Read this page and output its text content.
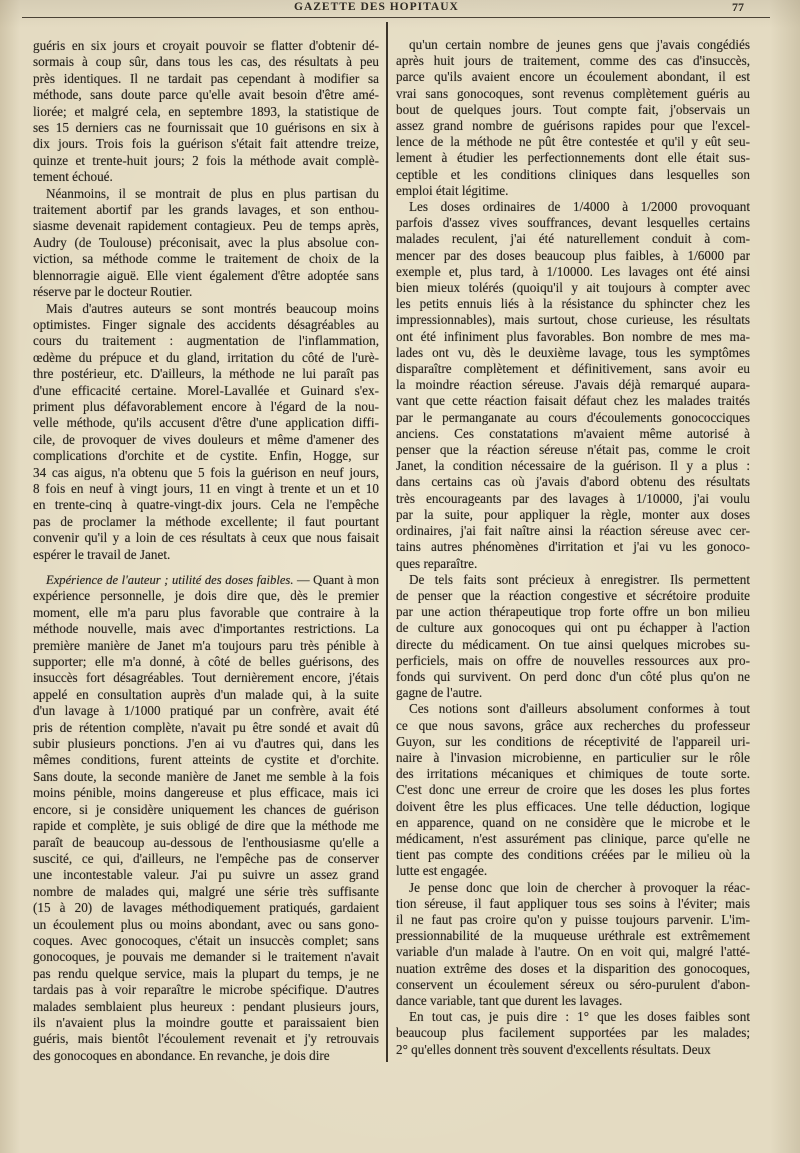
GAZETTE DES HOPITAUX	77
guéris en six jours et croyait pouvoir se flatter d'obtenir dé-
sormais à coup sûr, dans tous les cas, des résultats à peu
près identiques. Il ne tardait pas cependant à modifier sa
méthode, sans doute parce qu'elle avait besoin d'être amé-
liorée; et malgré cela, en septembre 1893, la statistique de
ses 15 derniers cas ne fournissait que 10 guérisons en six à
dix jours. Trois fois la guérison s'était fait attendre treize,
quinze et trente-huit jours; 2 fois la méthode avait complè-
tement échoué.
Néanmoins, il se montrait de plus en plus partisan du
traitement abortif par les grands lavages, et son enthou-
siasme devenait rapidement contagieux. Peu de temps après,
Audry (de Toulouse) préconisait, avec la plus absolue con-
viction, sa méthode comme le traitement de choix de la
blennorragie aiguë. Elle vient également d'être adoptée sans
réserve par le docteur Routier.
Mais d'autres auteurs se sont montrés beaucoup moins
optimistes. Finger signale des accidents désagréables au
cours du traitement : augmentation de l'inflammation,
œdème du prépuce et du gland, irritation du côté de l'urè-
thre postérieur, etc. D'ailleurs, la méthode ne lui paraît pas
d'une efficacité certaine. Morel-Lavallée et Guinard s'ex-
priment plus défavorablement encore à l'égard de la nou-
velle méthode, qu'ils accusent d'être d'une application diffi-
cile, de provoquer de vives douleurs et même d'amener des
complications d'orchite et de cystite. Enfin, Hogge, sur
34 cas aigus, n'a obtenu que 5 fois la guérison en neuf jours,
8 fois en neuf à vingt jours, 11 en vingt à trente et un et 10
en trente-cinq à quatre-vingt-dix jours. Cela ne l'empêche
pas de proclamer la méthode excellente; il faut pourtant
convenir qu'il y a loin de ces résultats à ceux que nous faisait
espérer le travail de Janet.
Expérience de l'auteur ; utilité des doses faibles. — Quant à mon
expérience personnelle, je dois dire que, dès le premier
moment, elle m'a paru plus favorable que contraire à la
méthode nouvelle, mais avec d'importantes restrictions. La
première manière de Janet m'a toujours paru très pénible à
supporter; elle m'a donné, à côté de belles guérisons, des
insuccès fort désagréables. Tout dernièrement encore, j'étais
appelé en consultation auprès d'un malade qui, à la suite
d'un lavage à 1/1000 pratiqué par un confrère, avait été
pris de rétention complète, n'avait pu être sondé et avait dû
subir plusieurs ponctions. J'en ai vu d'autres qui, dans les
mêmes conditions, furent atteints de cystite et d'orchite.
Sans doute, la seconde manière de Janet me semble à la fois
moins pénible, moins dangereuse et plus efficace, mais ici
encore, si je considère uniquement les chances de guérison
rapide et complète, je suis obligé de dire que la méthode me
paraît de beaucoup au-dessous de l'enthousiasme qu'elle a
suscité, ce qui, d'ailleurs, ne l'empêche pas de conserver
une incontestable valeur. J'ai pu suivre un assez grand
nombre de malades qui, malgré une série très suffisante
(15 à 20) de lavages méthodiquement pratiqués, gardaient
un écoulement plus ou moins abondant, avec ou sans gono-
coques. Avec gonocoques, c'était un insuccès complet; sans
gonocoques, je pouvais me demander si le traitement n'avait
pas rendu quelque service, mais la plupart du temps, je ne
tardais pas à voir reparaître le microbe spécifique. D'autres
malades semblaient plus heureux : pendant plusieurs jours,
ils n'avaient plus la moindre goutte et paraissaient bien
guéris, mais bientôt l'écoulement revenait et j'y retrouvais
des gonocoques en abondance. En revanche, je dois dire
qu'un certain nombre de jeunes gens que j'avais congédiés
après huit jours de traitement, comme des cas d'insuccès,
parce qu'ils avaient encore un écoulement abondant, il est
vrai sans gonocoques, sont revenus complètement guéris au
bout de quelques jours. Tout compte fait, j'observais un
assez grand nombre de guérisons rapides pour que l'excel-
lence de la méthode ne pût être contestée et qu'il y eût seu-
lement à étudier les perfectionnements dont elle était sus-
ceptible et les conditions cliniques dans lesquelles son
emploi était légitime.
Les doses ordinaires de 1/4000 à 1/2000 provoquant
parfois d'assez vives souffrances, devant lesquelles certains
malades reculent, j'ai été naturellement conduit à com-
mencer par des doses beaucoup plus faibles, à 1/6000 par
exemple et, plus tard, à 1/10000. Les lavages ont été ainsi
bien mieux tolérés (quoiqu'il y ait toujours à compter avec
les petits ennuis liés à la résistance du sphincter chez les
impressionnables), mais surtout, chose curieuse, les résultats
ont été infiniment plus favorables. Bon nombre de mes ma-
lades ont vu, dès le deuxième lavage, tous les symptômes
disparaître complètement et définitivement, sans avoir eu
la moindre réaction séreuse. J'avais déjà remarqué aupara-
vant que cette réaction faisait défaut chez les malades traités
par le permanganate au cours d'écoulements gonococciques
anciens. Ces constatations m'avaient même autorisé à
penser que la réaction séreuse n'était pas, comme le croit
Janet, la condition nécessaire de la guérison. Il y a plus :
dans certains cas où j'avais d'abord obtenu des résultats
très encourageants par des lavages à 1/10000, j'ai voulu
par la suite, pour appliquer la règle, monter aux doses
ordinaires, j'ai fait naître ainsi la réaction séreuse avec cer-
tains autres phénomènes d'irritation et j'ai vu les gonoco-
ques reparaître.
De tels faits sont précieux à enregistrer. Ils permettent
de penser que la réaction congestive et sécrétoire produite
par une action thérapeutique trop forte offre un bon milieu
de culture aux gonocoques qui ont pu échapper à l'action
directe du médicament. On tue ainsi quelques microbes su-
perficiels, mais on offre de nouvelles ressources aux pro-
fonds qui survivent. On perd donc d'un côté plus qu'on ne
gagne de l'autre.
Ces notions sont d'ailleurs absolument conformes à tout
ce que nous savons, grâce aux recherches du professeur
Guyon, sur les conditions de réceptivité de l'appareil uri-
naire à l'invasion microbienne, en particulier sur le rôle
des irritations mécaniques et chimiques de toute sorte.
C'est donc une erreur de croire que les doses les plus fortes
doivent être les plus efficaces. Une telle déduction, logique
en apparence, quand on ne considère que le microbe et le
médicament, n'est assurément pas clinique, parce qu'elle ne
tient pas compte des conditions créées par le milieu où la
lutte est engagée.
Je pense donc que loin de chercher à provoquer la réac-
tion séreuse, il faut appliquer tous ses soins à l'éviter; mais
il ne faut pas croire qu'on y puisse toujours parvenir. L'im-
pressionnabilité de la muqueuse uréthrale est extrêmement
variable d'un malade à l'autre. On en voit qui, malgré l'atté-
nuation extrême des doses et la disparition des gonocoques,
conservent un écoulement séreux ou séro-purulent d'abon-
dance variable, tant que durent les lavages.
En tout cas, je puis dire : 1° que les doses faibles sont
beaucoup plus facilement supportées par les malades;
2° qu'elles donnent très souvent d'excellents résultats. Deux
